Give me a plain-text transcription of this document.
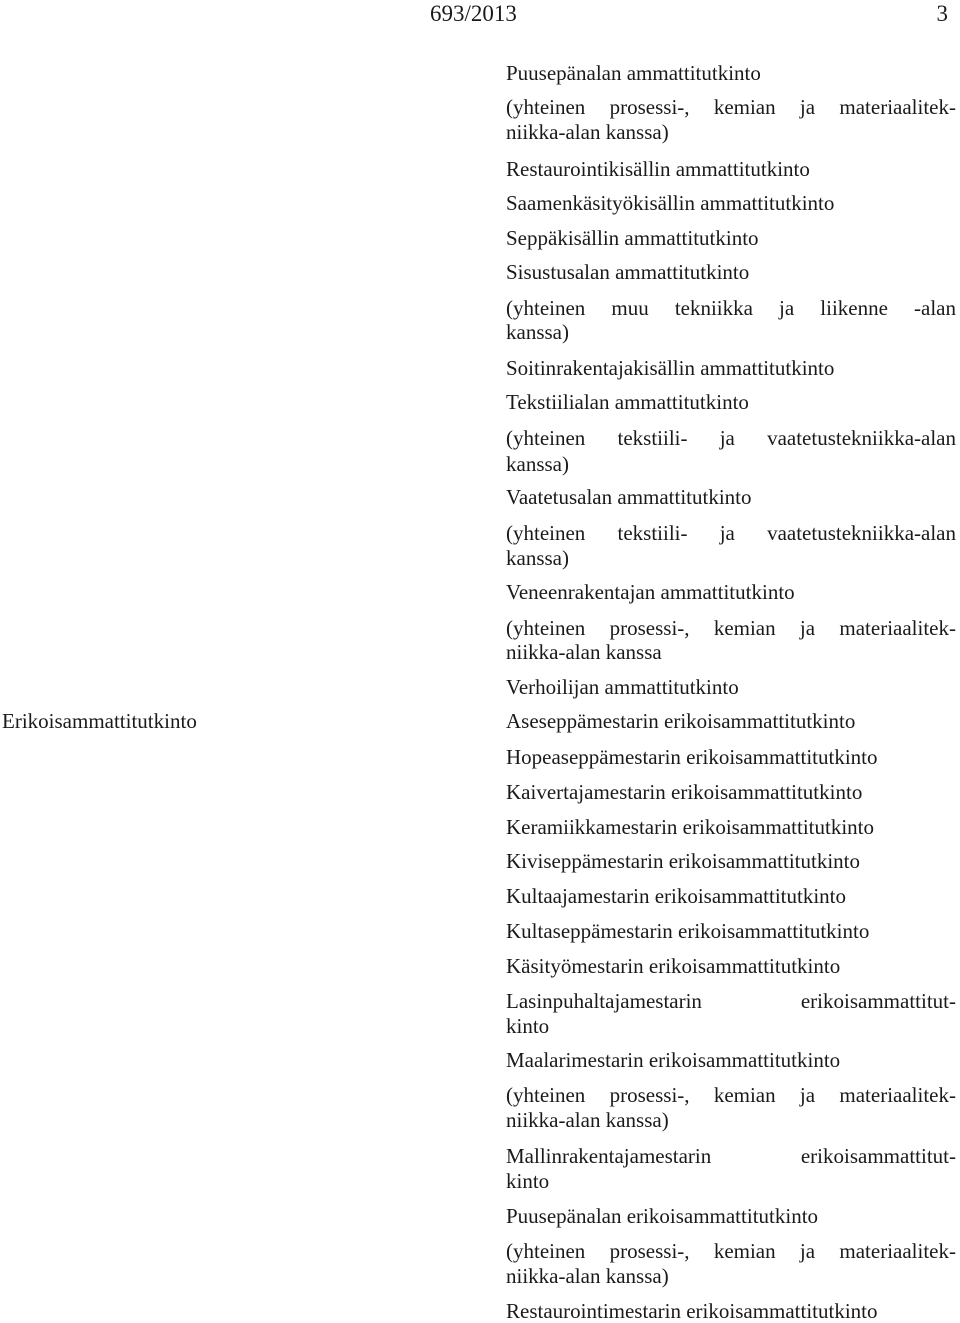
693/2013	3
Erikoisammattitutkinto
Puusepänalan ammattitutkinto
(yhteinen prosessi-, kemian ja materiaalitek-
niikka-alan kanssa)
Restaurointikisällin ammattitutkinto
Saamenkäsityökisällin ammattitutkinto
Seppäkisällin ammattitutkinto
Sisustusalan ammattitutkinto
(yhteinen muu tekniikka ja liikenne -alan
kanssa)
Soitinrakentajakisällin ammattitutkinto
Tekstiilialan ammattitutkinto
(yhteinen tekstiili- ja vaatetustekniikka-alan
kanssa)
Vaatetusalan ammattitutkinto
(yhteinen tekstiili- ja vaatetustekniikka-alan
kanssa)
Veneenrakentajan ammattitutkinto
(yhteinen prosessi-, kemian ja materiaalitek-
niikka-alan kanssa
Verhoilijan ammattitutkinto
Aseseppämestarin erikoisammattitutkinto
Hopeaseppämestarin erikoisammattitutkinto
Kaivertajamestarin erikoisammattitutkinto
Keramiikkamestarin erikoisammattitutkinto
Kiviseppämestarin erikoisammattitutkinto
Kultaajamestarin erikoisammattitutkinto
Kultaseppämestarin erikoisammattitutkinto
Käsityömestarin erikoisammattitutkinto
Lasinpuhaltajamestarin erikoisammattitut-
kinto
Maalarimestarin erikoisammattitutkinto
(yhteinen prosessi-, kemian ja materiaalitek-
niikka-alan kanssa)
Mallinrakentajamestarin erikoisammattitut-
kinto
Puusepänalan erikoisammattitutkinto
(yhteinen prosessi-, kemian ja materiaalitek-
niikka-alan kanssa)
Restaurointimestarin erikoisammattitutkinto
